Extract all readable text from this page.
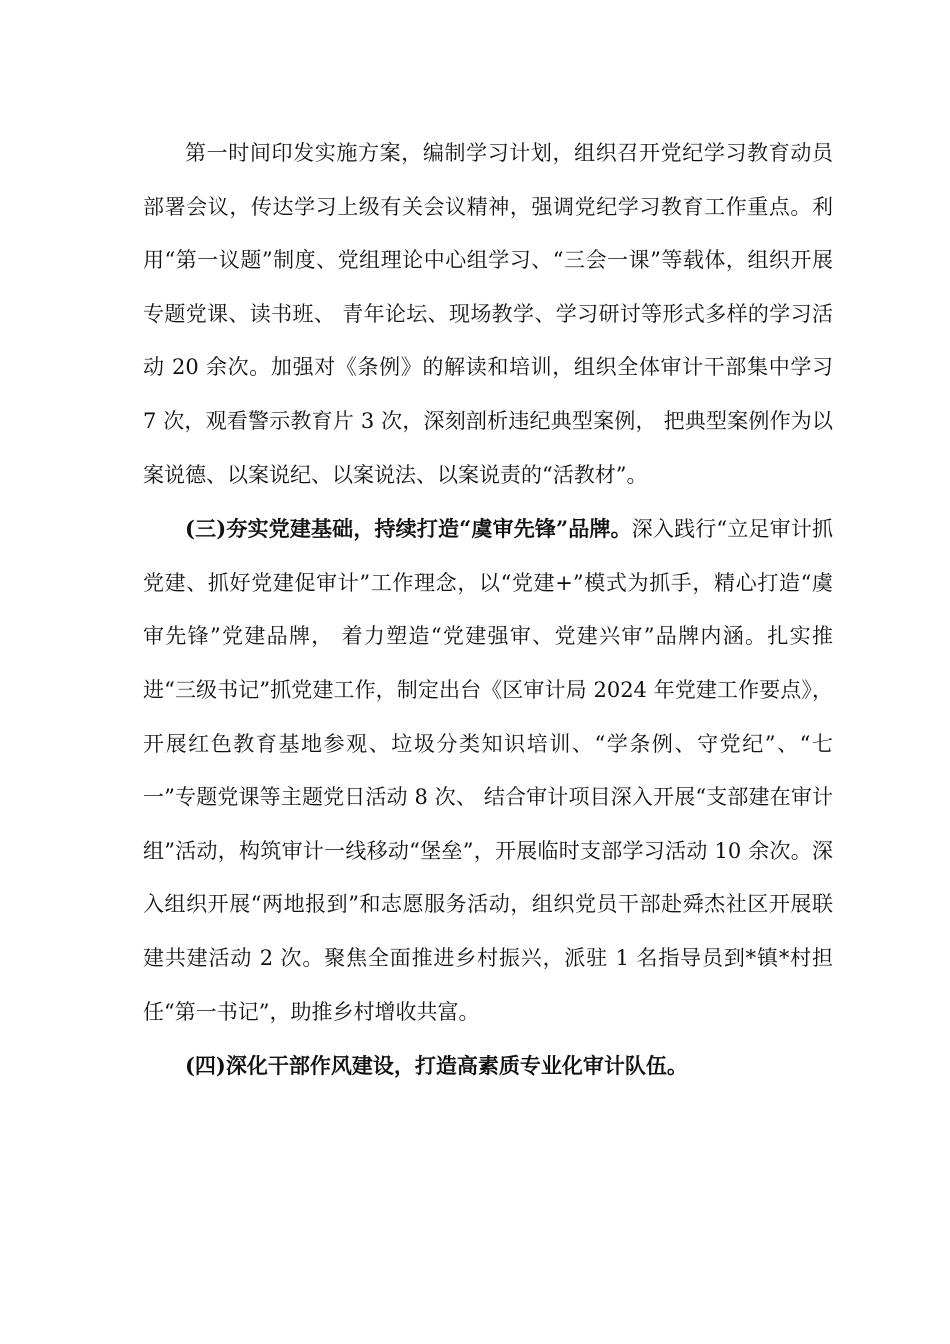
第一时间印发实施方案，编制学习计划，组织召开党纪学习教育动员部署会议，传达学习上级有关会议精神，强调党纪学习教育工作重点。利用“第一议题”制度、党组理论中心组学习、“三会一课”等载体，组织开展专题党课、读书班、 青年论坛、现场教学、学习研讨等形式多样的学习活动 20 余次。加强对《条例》的解读和培训，组织全体审计干部集中学习 7 次，观看警示教育片 3 次，深刻剖析违纪典型案例， 把典型案例作为以案说德、以案说纪、以案说法、以案说责的“活教材”。

(三)夯实党建基础，持续打造“虞审先锋”品牌。深入践行“立足审计抓党建、抓好党建促审计”工作理念，以“党建+”模式为抓手，精心打造“虞审先锋”党建品牌， 着力塑造“党建强审、党建兴审”品牌内涵。扎实推进“三级书记”抓党建工作，制定出台《区审计局 2024 年党建工作要点》，开展红色教育基地参观、垃圾分类知识培训、“学条例、守党纪”、“七一”专题党课等主题党日活动 8 次、 结合审计项目深入开展“支部建在审计组”活动，构筑审计一线移动“堡垒”，开展临时支部学习活动 10 余次。深入组织开展“两地报到”和志愿服务活动，组织党员干部赴舜杰社区开展联建共建活动 2 次。聚焦全面推进乡村振兴，派驻 1 名指导员到*镇*村担任“第一书记”，助推乡村增收共富。

(四)深化干部作风建设，打造高素质专业化审计队伍。
